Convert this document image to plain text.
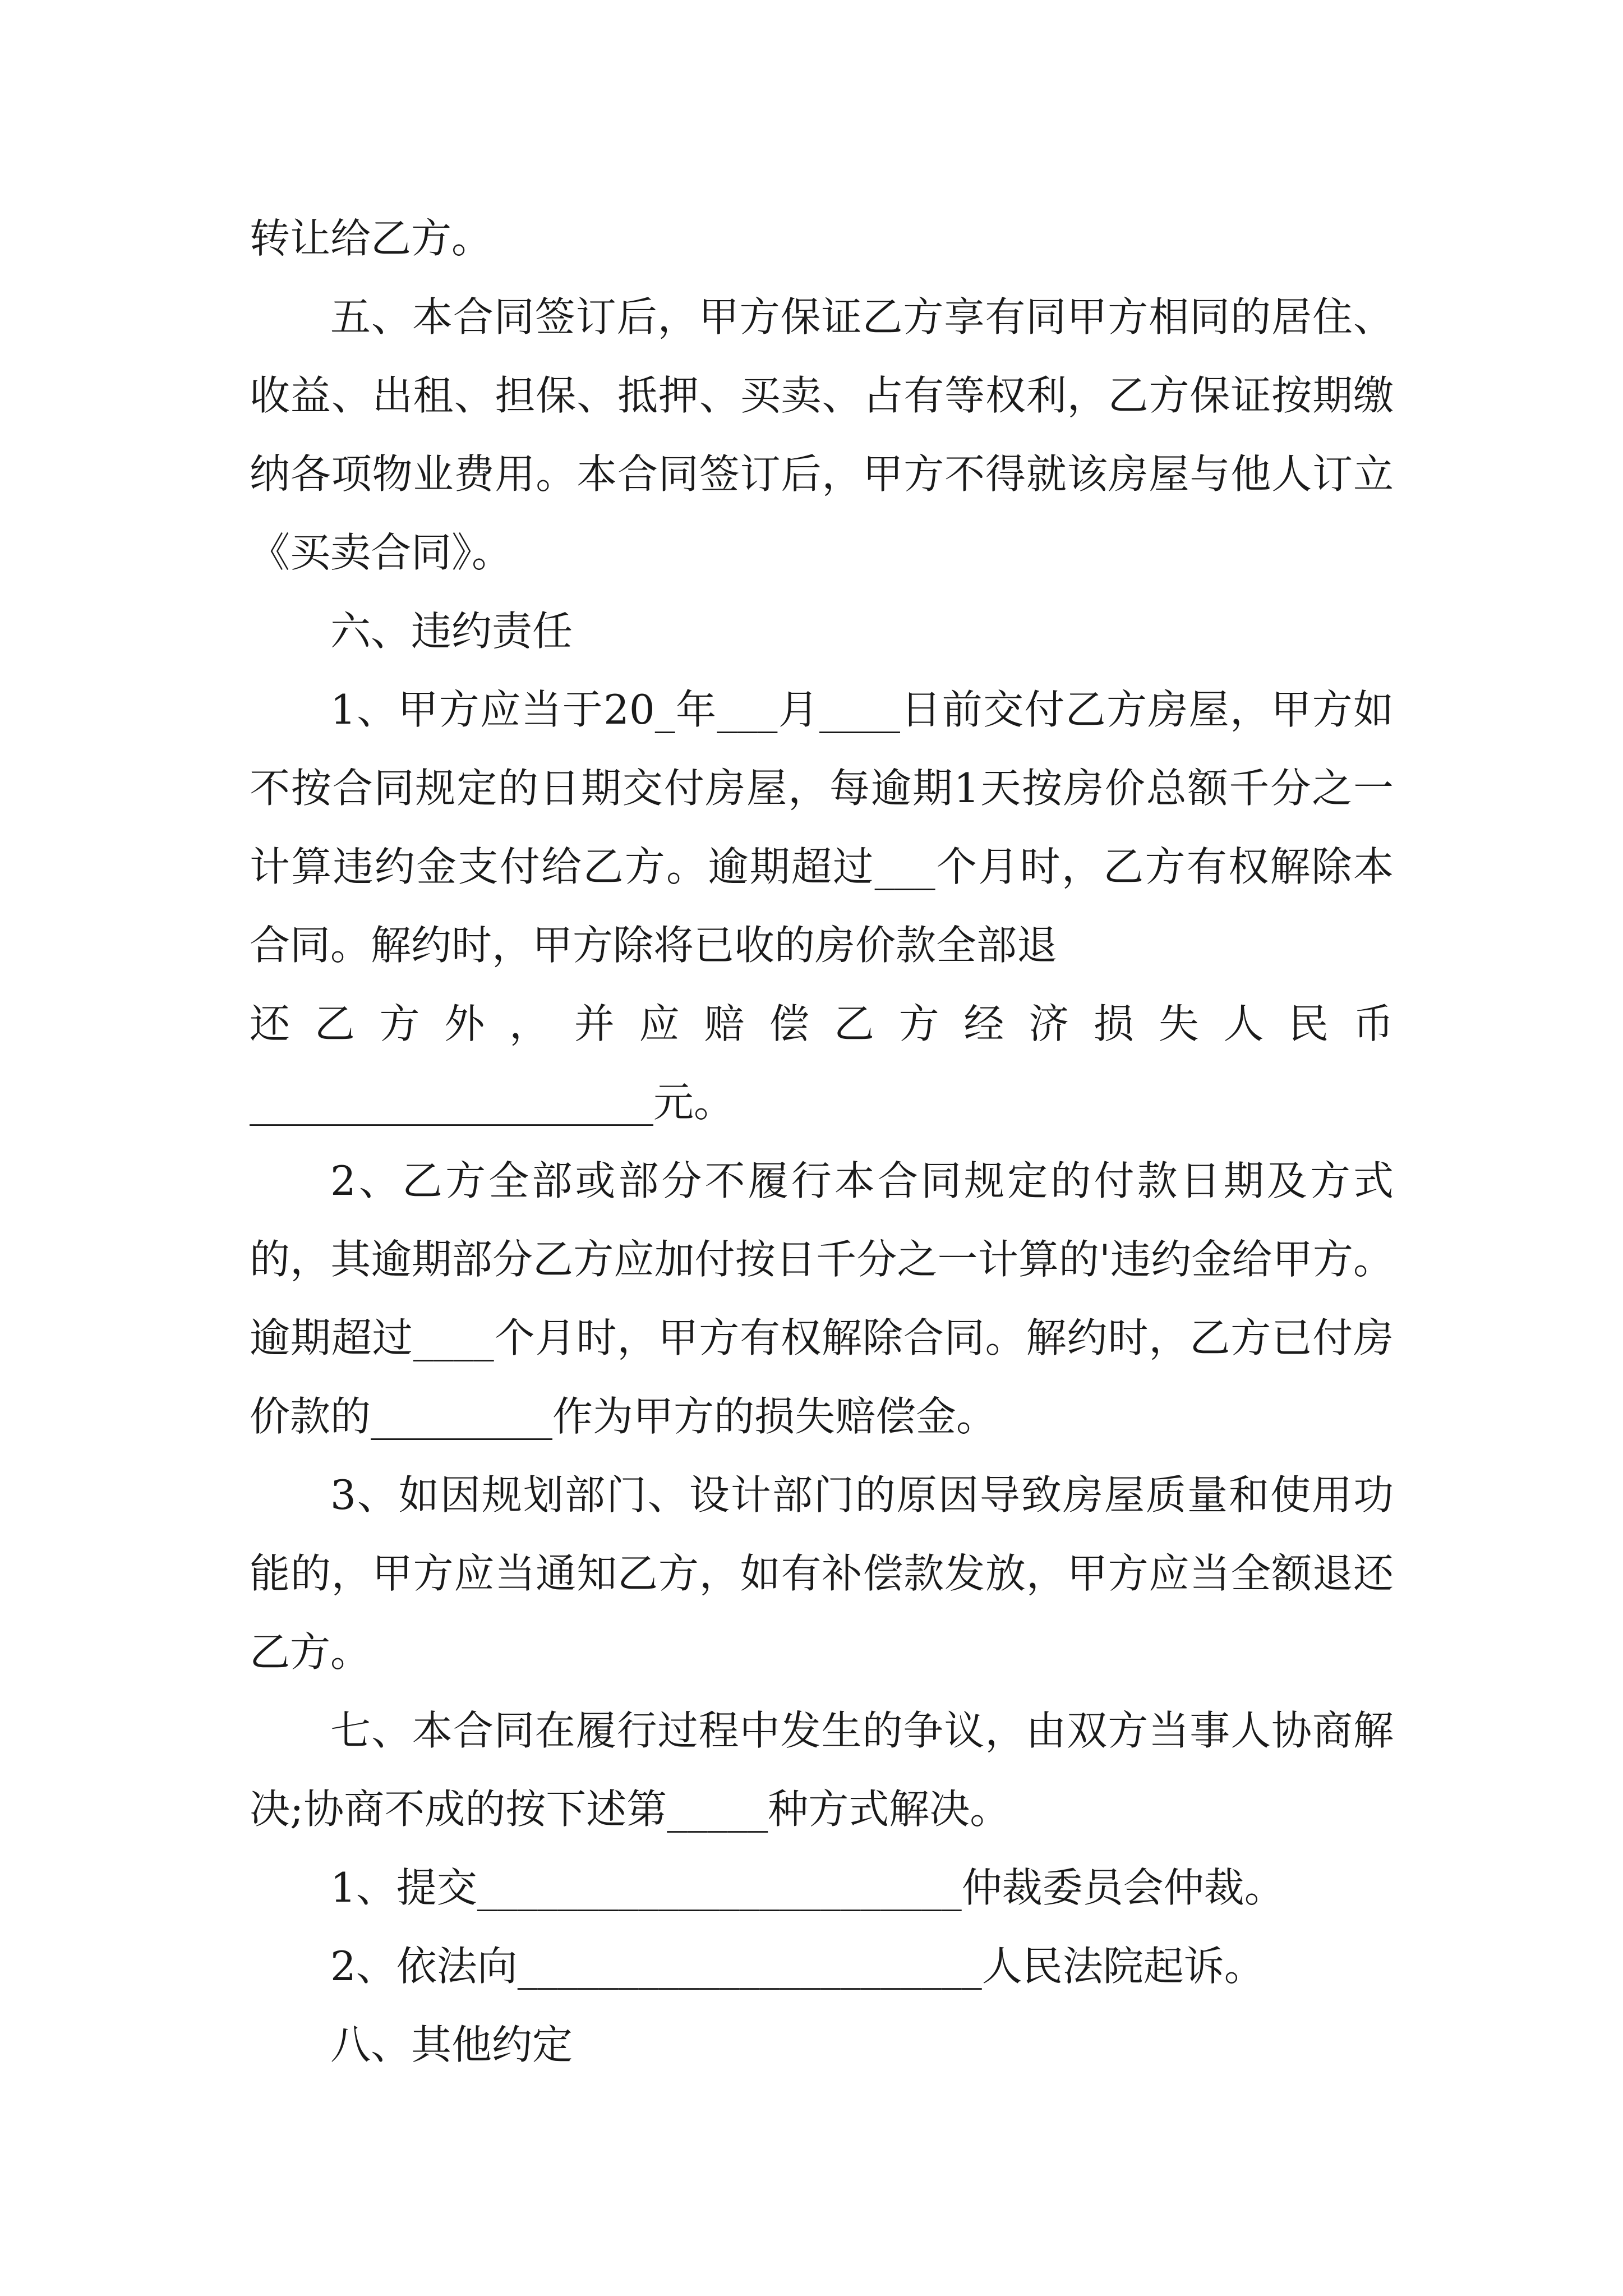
转让给乙方。

五、本合同签订后，甲方保证乙方享有同甲方相同的居住、收益、出租、担保、抵押、买卖、占有等权利，乙方保证按期缴纳各项物业费用。本合同签订后，甲方不得就该房屋与他人订立《买卖合同》。

六、违约责任

1、甲方应当于20_年___月____日前交付乙方房屋，甲方如不按合同规定的日期交付房屋，每逾期1天按房价总额千分之一计算违约金支付给乙方。逾期超过___个月时，乙方有权解除本合同。解约时，甲方除将已收的房价款全部退

还乙方外，并应赔偿乙方经济损失人民币

____________________元。

2、乙方全部或部分不履行本合同规定的付款日期及方式的，其逾期部分乙方应加付按日千分之一计算的'违约金给甲方。逾期超过____个月时，甲方有权解除合同。解约时，乙方已付房价款的_________作为甲方的损失赔偿金。

3、如因规划部门、设计部门的原因导致房屋质量和使用功能的，甲方应当通知乙方，如有补偿款发放，甲方应当全额退还乙方。

七、本合同在履行过程中发生的争议，由双方当事人协商解决;协商不成的按下述第_____种方式解决。

1、提交________________________仲裁委员会仲裁。

2、依法向_______________________人民法院起诉。

八、其他约定
